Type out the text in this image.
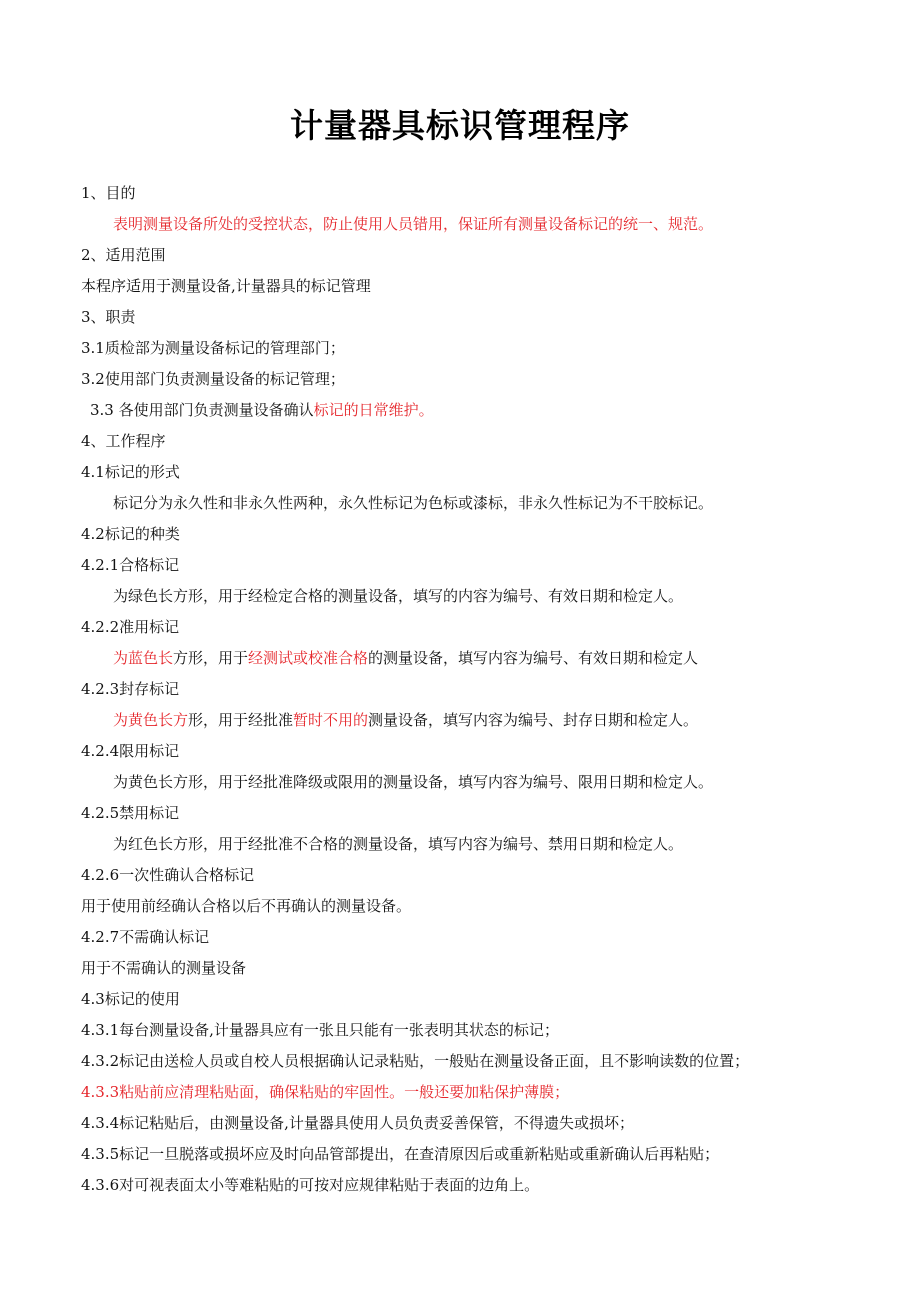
计量器具标识管理程序
1、目的
表明测量设备所处的受控状态，防止使用人员错用，保证所有测量设备标记的统一、规范。
2、适用范围
本程序适用于测量设备,计量器具的标记管理
3、职责
3.1质检部为测量设备标记的管理部门；
3.2使用部门负责测量设备的标记管理；
3.3 各使用部门负责测量设备确认标记的日常维护。
4、工作程序
4.1标记的形式
标记分为永久性和非永久性两种，永久性标记为色标或漆标，非永久性标记为不干胶标记。
4.2标记的种类
4.2.1合格标记
为绿色长方形，用于经检定合格的测量设备，填写的内容为编号、有效日期和检定人。
4.2.2准用标记
为蓝色长方形，用于经测试或校准合格的测量设备，填写内容为编号、有效日期和检定人
4.2.3封存标记
为黄色长方形，用于经批准暂时不用的测量设备，填写内容为编号、封存日期和检定人。
4.2.4限用标记
为黄色长方形，用于经批准降级或限用的测量设备，填写内容为编号、限用日期和检定人。
4.2.5禁用标记
为红色长方形，用于经批准不合格的测量设备，填写内容为编号、禁用日期和检定人。
4.2.6一次性确认合格标记
用于使用前经确认合格以后不再确认的测量设备。
4.2.7不需确认标记
用于不需确认的测量设备
4.3标记的使用
4.3.1每台测量设备,计量器具应有一张且只能有一张表明其状态的标记；
4.3.2标记由送检人员或自校人员根据确认记录粘贴，一般贴在测量设备正面，且不影响读数的位置；
4.3.3粘贴前应清理粘贴面，确保粘贴的牢固性。一般还要加粘保护薄膜；
4.3.4标记粘贴后，由测量设备,计量器具使用人员负责妥善保管，不得遗失或损坏；
4.3.5标记一旦脱落或损坏应及时向品管部提出，在查清原因后或重新粘贴或重新确认后再粘贴；
4.3.6对可视表面太小等难粘贴的可按对应规律粘贴于表面的边角上。
